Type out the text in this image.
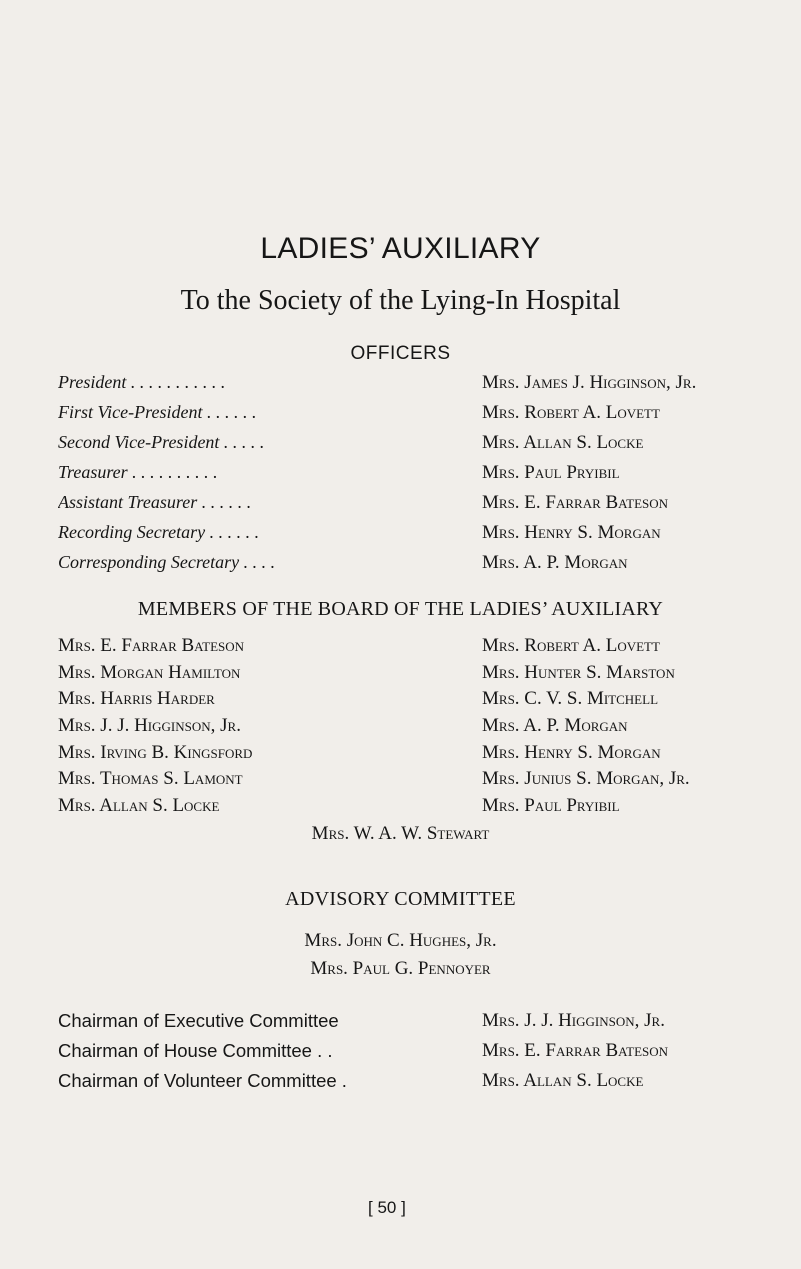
LADIES’ AUXILIARY
To the Society of the Lying-In Hospital
OFFICERS
President . . . . . . . . . . .	Mrs. James J. Higginson, Jr.
First Vice-President . . . . . .	Mrs. Robert A. Lovett
Second Vice-President . . . . .	Mrs. Allan S. Locke
Treasurer . . . . . . . . . .	Mrs. Paul Pryibil
Assistant Treasurer . . . . . .	Mrs. E. Farrar Bateson
Recording Secretary . . . . . .	Mrs. Henry S. Morgan
Corresponding Secretary . . . .	Mrs. A. P. Morgan
MEMBERS OF THE BOARD OF THE LADIES’ AUXILIARY
Mrs. E. Farrar Bateson
Mrs. Morgan Hamilton
Mrs. Harris Harder
Mrs. J. J. Higginson, Jr.
Mrs. Irving B. Kingsford
Mrs. Thomas S. Lamont
Mrs. Allan S. Locke
Mrs. Robert A. Lovett
Mrs. Hunter S. Marston
Mrs. C. V. S. Mitchell
Mrs. A. P. Morgan
Mrs. Henry S. Morgan
Mrs. Junius S. Morgan, Jr.
Mrs. Paul Pryibil
Mrs. W. A. W. Stewart
ADVISORY COMMITTEE
Mrs. John C. Hughes, Jr.
Mrs. Paul G. Pennoyer
Chairman of Executive Committee	Mrs. J. J. Higginson, Jr.
Chairman of House Committee . .	Mrs. E. Farrar Bateson
Chairman of Volunteer Committee .	Mrs. Allan S. Locke
[ 50 ]
